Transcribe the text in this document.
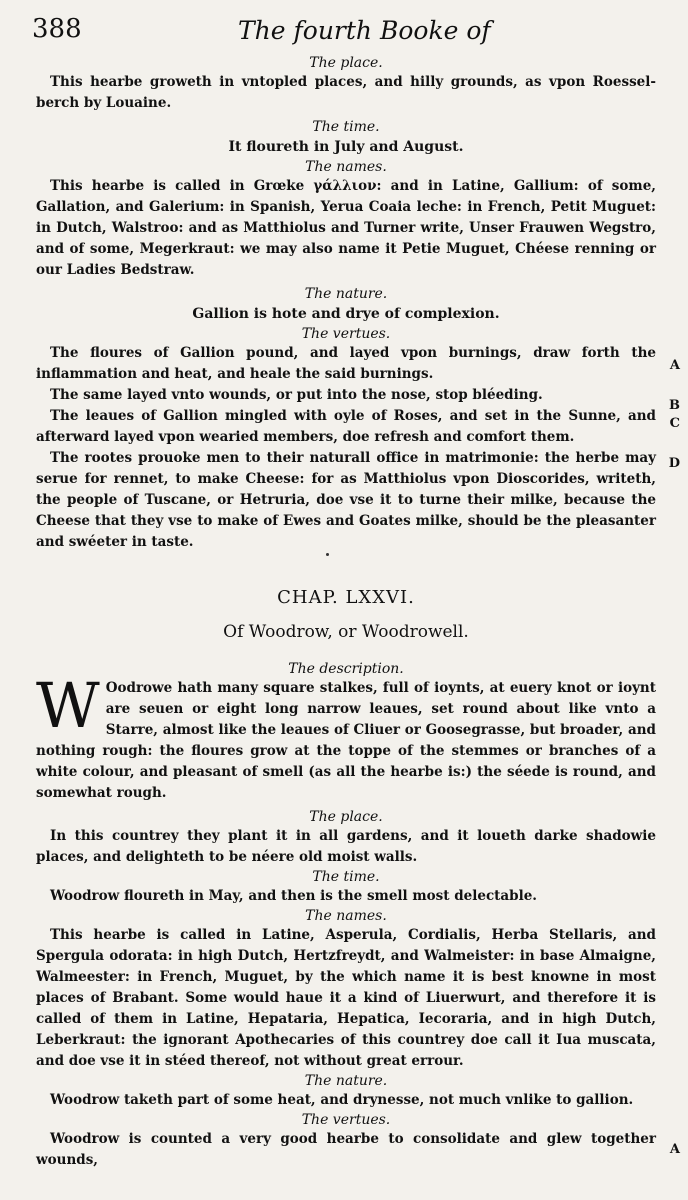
388	The fourth Booke of

The place.

This hearbe groweth in vntopled places, and hilly grounds, as vpon Roessel-berch by Louaine.

The time.

It floureth in July and August.

The names.

This hearbe is called in Grœke γάλλιον: and in Latine, Gallium: of some, Gallation, and Galerium: in Spanish, Yerua Coaia leche: in French, Petit Muguet: in Dutch, Walstroo: and as Matthiolus and Turner write, Unser Frauwen Wegstro, and of some, Megerkraut: we may also name it Petie Muguet, Chéese renning or our Ladies Bedstraw.

The nature.

Gallion is hote and drye of complexion.

The vertues.

The floures of Gallion pound, and layed vpon burnings, draw forth the inflammation and heat, and heale the said burnings.

The same layed vnto wounds, or put into the nose, stop bléeding.

The leaues of Gallion mingled with oyle of Roses, and set in the Sunne, and afterward layed vpon wearied members, doe refresh and comfort them.

The rootes prouoke men to their naturall office in matrimonie: the herbe may serue for rennet, to make Cheese: for as Matthiolus vpon Dioscorides, writeth, the people of Tuscane, or Hetruria, doe vse it to turne their milke, because the Cheese that they vse to make of Ewes and Goates milke, should be the pleasanter and swéeter in taste.

CHAP. LXXVI.

Of Woodrow, or Woodrowell.

The description.

W Oodrowe hath many square stalkes, full of ioynts, at euery knot or ioynt are seuen or eight long narrow leaues, set round about like vnto a Starre, almost like the leaues of Cliuer or Goosegrasse, but broader, and nothing rough: the floures grow at the toppe of the stemmes or branches of a white colour, and pleasant of smell (as all the hearbe is:) the séede is round, and somewhat rough.

The place.

In this countrey they plant it in all gardens, and it loueth darke shadowie places, and delighteth to be néere old moist walls.

The time.

Woodrow floureth in May, and then is the smell most delectable.

The names.

This hearbe is called in Latine, Asperula, Cordialis, Herba Stellaris, and Spergula odorata: in high Dutch, Hertzfreydt, and Walmeister: in base Almaigne, Walmeester: in French, Muguet, by the which name it is best knowne in most places of Brabant. Some would haue it a kind of Liuerwurt, and therefore it is called of them in Latine, Hepataria, Hepatica, Iecoraria, and in high Dutch, Leberkraut: the ignorant Apothecaries of this countrey doe call it Iua muscata, and doe vse it in stéed thereof, not without great errour.

The nature.

Woodrow taketh part of some heat, and drynesse, not much vnlike to gallion.

The vertues.

Woodrow is counted a very good hearbe to consolidate and glew together wounds,

A
B
C
D
A
